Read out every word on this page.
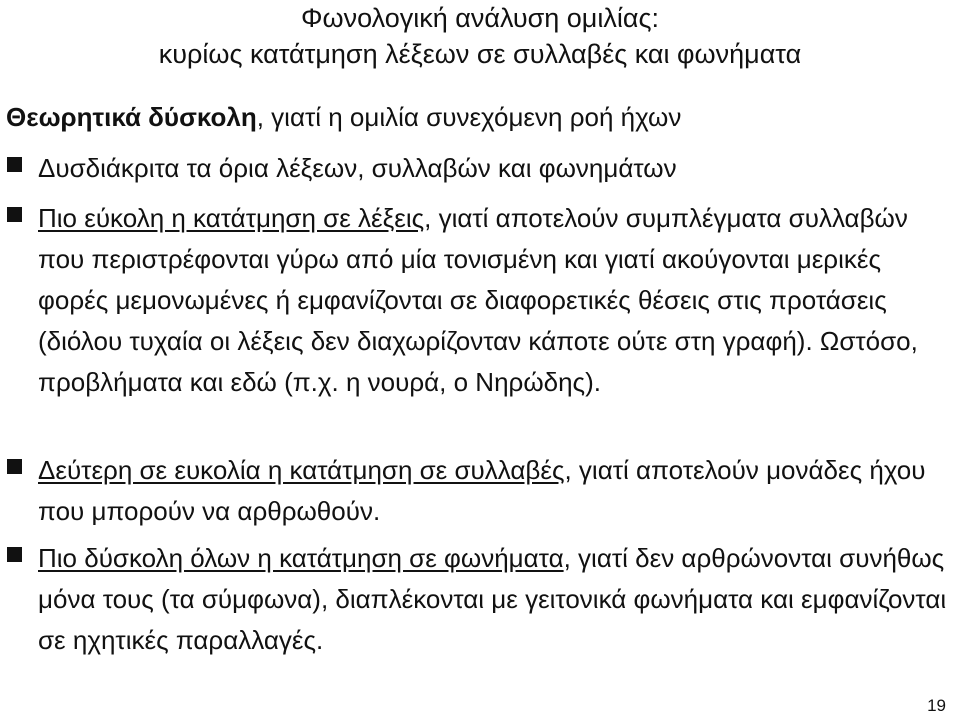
Φωνολογική ανάλυση ομιλίας:
κυρίως κατάτμηση λέξεων σε συλλαβές και φωνήματα
Θεωρητικά δύσκολη, γιατί η ομιλία συνεχόμενη ροή ήχων
Δυσδιάκριτα τα όρια λέξεων, συλλαβών και φωνημάτων
Πιο εύκολη η κατάτμηση σε λέξεις, γιατί αποτελούν συμπλέγματα συλλαβών που περιστρέφονται γύρω από μία τονισμένη και γιατί ακούγονται μερικές φορές μεμονωμένες ή εμφανίζονται σε διαφορετικές θέσεις στις προτάσεις (διόλου τυχαία οι λέξεις δεν διαχωρίζονταν κάποτε ούτε στη γραφή). Ωστόσο, προβλήματα και εδώ (π.χ. η νουρά, ο Νηρώδης).
Δεύτερη σε ευκολία η κατάτμηση σε συλλαβές, γιατί αποτελούν μονάδες ήχου που μπορούν να αρθρωθούν.
Πιο δύσκολη όλων η κατάτμηση σε φωνήματα, γιατί δεν αρθρώνονται συνήθως μόνα τους (τα σύμφωνα), διαπλέκονται με γειτονικά φωνήματα και εμφανίζονται σε ηχητικές παραλλαγές.
19
